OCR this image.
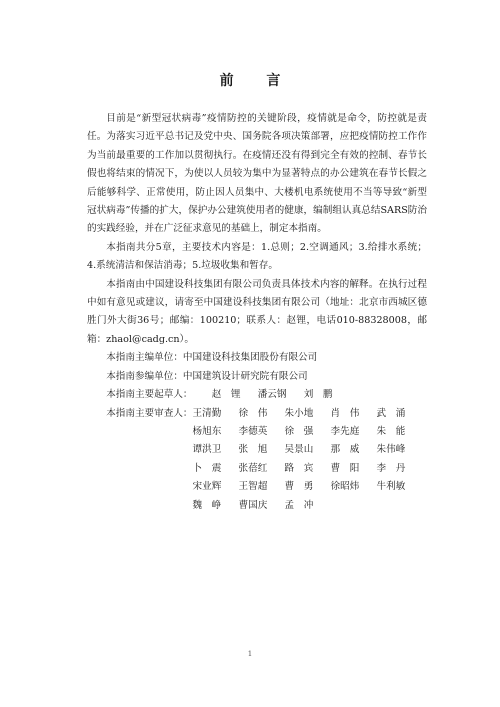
前 言

目前是“新型冠状病毒”疫情防控的关键阶段，疫情就是命令，防控就是责任。为落实习近平总书记及党中央、国务院各项决策部署，应把疫情防控工作作为当前最重要的工作加以贯彻执行。在疫情还没有得到完全有效的控制、春节长假也将结束的情况下，为使以人员较为集中为显著特点的办公建筑在春节长假之后能够科学、正常使用，防止因人员集中、大楼机电系统使用不当等导致“新型冠状病毒”传播的扩大，保护办公建筑使用者的健康，编制组认真总结SARS防治的实践经验，并在广泛征求意见的基础上，制定本指南。

本指南共分5章，主要技术内容是：1.总则；2.空调通风；3.给排水系统；4.系统清洁和保洁消毒；5.垃圾收集和暂存。

本指南由中国建设科技集团有限公司负责具体技术内容的解释。在执行过程中如有意见或建议，请寄至中国建设科技集团有限公司（地址：北京市西城区德胜门外大街36号；邮编：100210；联系人：赵锂，电话010-88328008，邮箱：zhaol@cadg.cn）。

本指南主编单位：中国建设科技集团股份有限公司

本指南参编单位：中国建筑设计研究院有限公司

本指南主要起草人： 赵　锂 潘云钢 刘　鹏

本指南主要审查人： 王清勤	徐　伟	朱小地	肖　伟	武　涌
杨旭东	李德英	徐　强	李先庭	朱　能
谭洪卫	张　旭	吴景山	那　威	朱伟峰
卜　震	张蓓红	路　宾	曹　阳	李　丹
宋业辉	王智超	曹　勇	徐昭炜	牛利敏
魏　峥	曹国庆	孟　冲
1
